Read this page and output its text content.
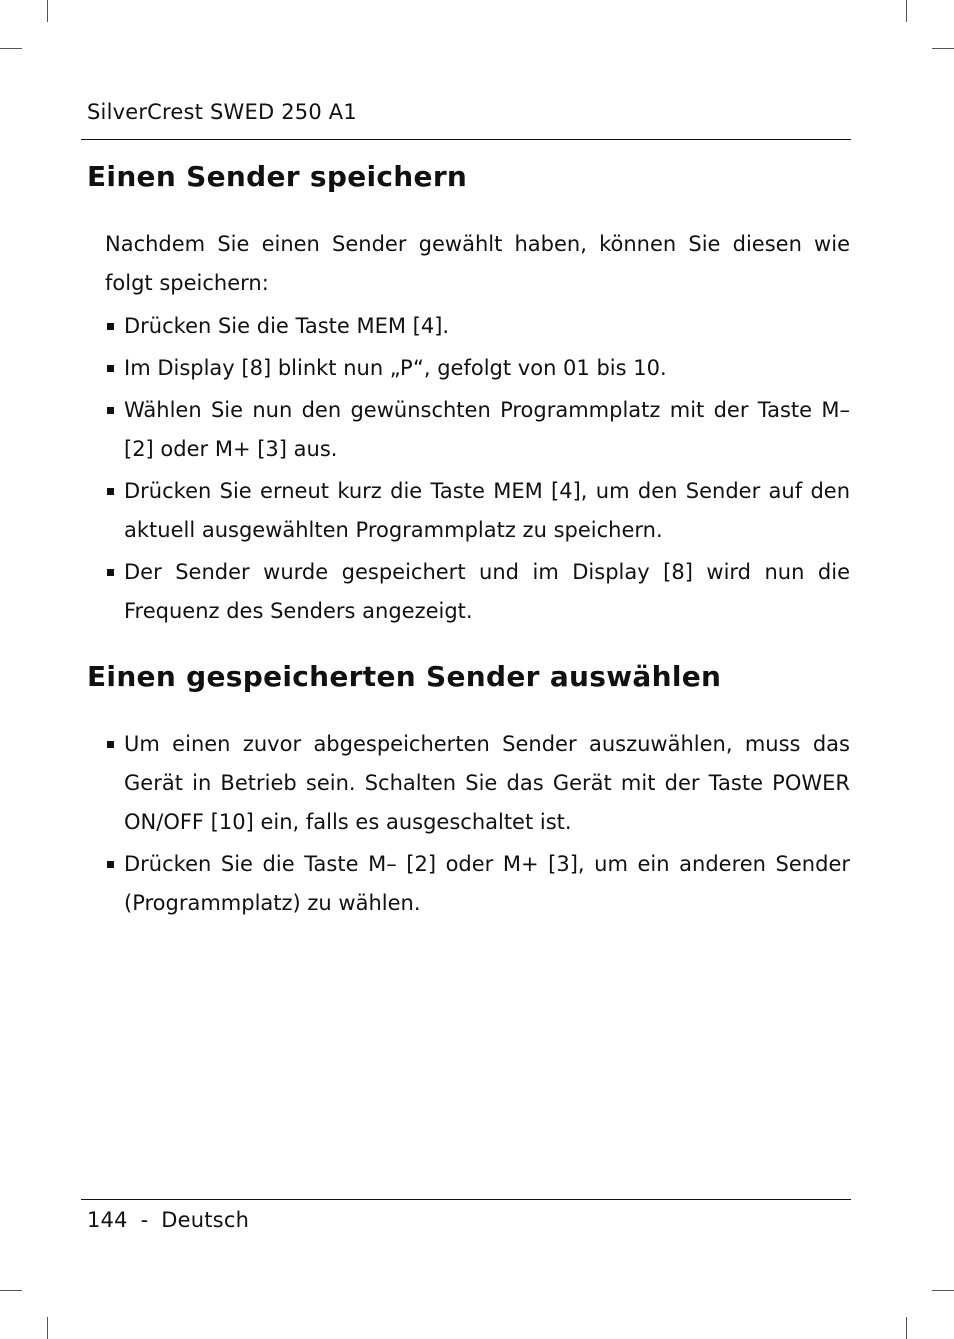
SilverCrest SWED 250 A1
Einen Sender speichern

Nachdem Sie einen Sender gewählt haben, können Sie diesen wie folgt speichern:

Drücken Sie die Taste MEM [4].
Im Display [8] blinkt nun „P“, gefolgt von 01 bis 10.
Wählen Sie nun den gewünschten Programmplatz mit der Taste M– [2] oder M+ [3] aus.
Drücken Sie erneut kurz die Taste MEM [4], um den Sender auf den aktuell ausgewählten Programmplatz zu speichern.
Der Sender wurde gespeichert und im Display [8] wird nun die Frequenz des Senders angezeigt.
Einen gespeicherten Sender auswählen
Um einen zuvor abgespeicherten Sender auszuwählen, muss das Gerät in Betrieb sein. Schalten Sie das Gerät mit der Taste POWER ON/OFF [10] ein, falls es ausgeschaltet ist.
Drücken Sie die Taste M– [2] oder M+ [3], um ein anderen Sender (Programmplatz) zu wählen.
144 - Deutsch
